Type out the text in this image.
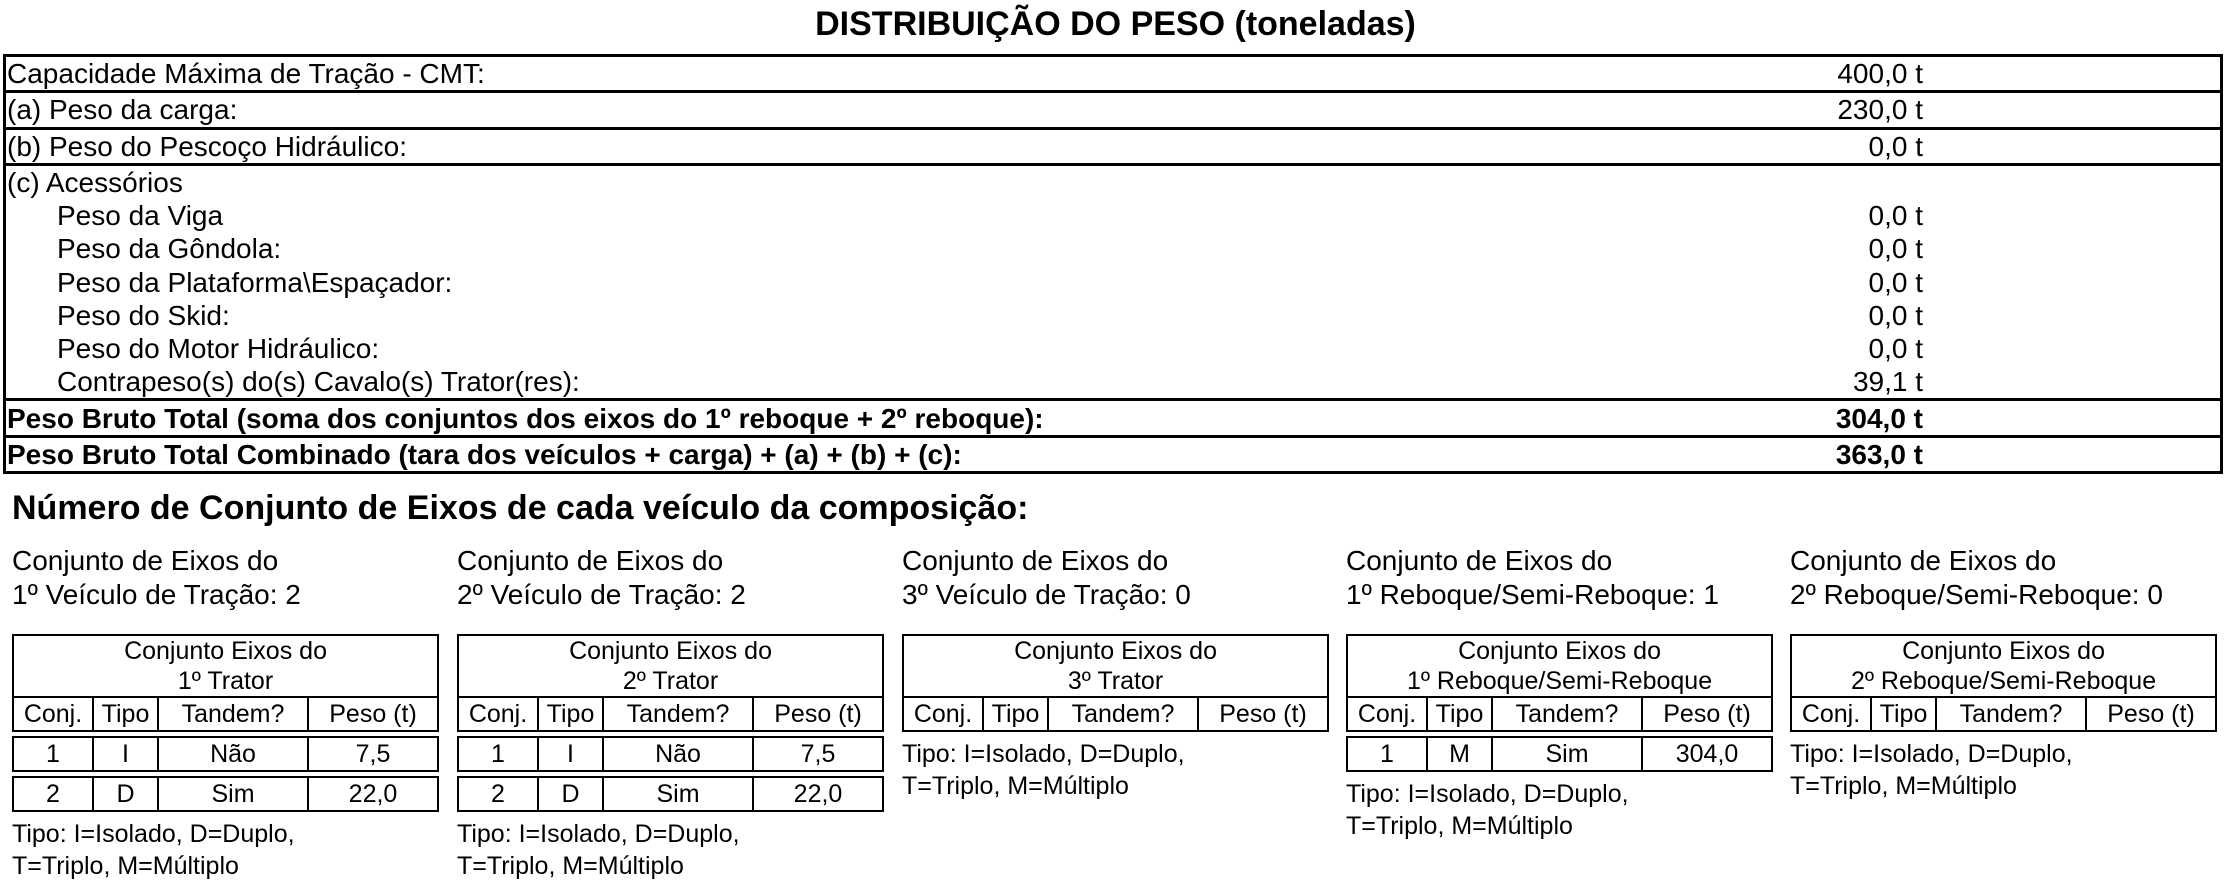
DISTRIBUIÇÃO DO PESO (toneladas)
Capacidade Máxima de Tração - CMT:	400,0 t
(a) Peso da carga:	230,0 t
(b) Peso do Pescoço Hidráulico:	0,0 t
(c) Acessórios	
Peso da Viga	0,0 t
Peso da Gôndola:	0,0 t
Peso da Plataforma\Espaçador:	0,0 t
Peso do Skid:	0,0 t
Peso do Motor Hidráulico:	0,0 t
Contrapeso(s) do(s) Cavalo(s) Trator(res):	39,1 t
Peso Bruto Total (soma dos conjuntos dos eixos do 1º reboque + 2º reboque):	304,0 t
Peso Bruto Total Combinado (tara dos veículos + carga) + (a) + (b) + (c):	363,0 t
Número de Conjunto de Eixos de cada veículo da composição:
Conjunto de Eixos do
1º Veículo de Tração: 2
Conjunto Eixos do
1º Trator			

Conj.	Tipo	Tandem?	Peso (t)

1	I	Não	7,5

2	D	Sim	22,0
Tipo: I=Isolado, D=Duplo,
T=Triplo, M=Múltiplo
Conjunto de Eixos do
2º Veículo de Tração: 2
Conjunto Eixos do
2º Trator			

Conj.	Tipo	Tandem?	Peso (t)

1	I	Não	7,5

2	D	Sim	22,0
Tipo: I=Isolado, D=Duplo,
T=Triplo, M=Múltiplo
Conjunto de Eixos do
3º Veículo de Tração: 0
Conjunto Eixos do
3º Trator

Conj.	Tipo	Tandem?	Peso (t)
Tipo: I=Isolado, D=Duplo,
T=Triplo, M=Múltiplo
Conjunto de Eixos do
1º Reboque/Semi-Reboque: 1
Conjunto Eixos do
1º Reboque/Semi-Reboque			

Conj.	Tipo	Tandem?	Peso (t)

1	M	Sim	304,0
Tipo: I=Isolado, D=Duplo,
T=Triplo, M=Múltiplo
Conjunto de Eixos do
2º Reboque/Semi-Reboque: 0
Conjunto Eixos do
2º Reboque/Semi-Reboque

Conj.	Tipo	Tandem?	Peso (t)
Tipo: I=Isolado, D=Duplo,
T=Triplo, M=Múltiplo
